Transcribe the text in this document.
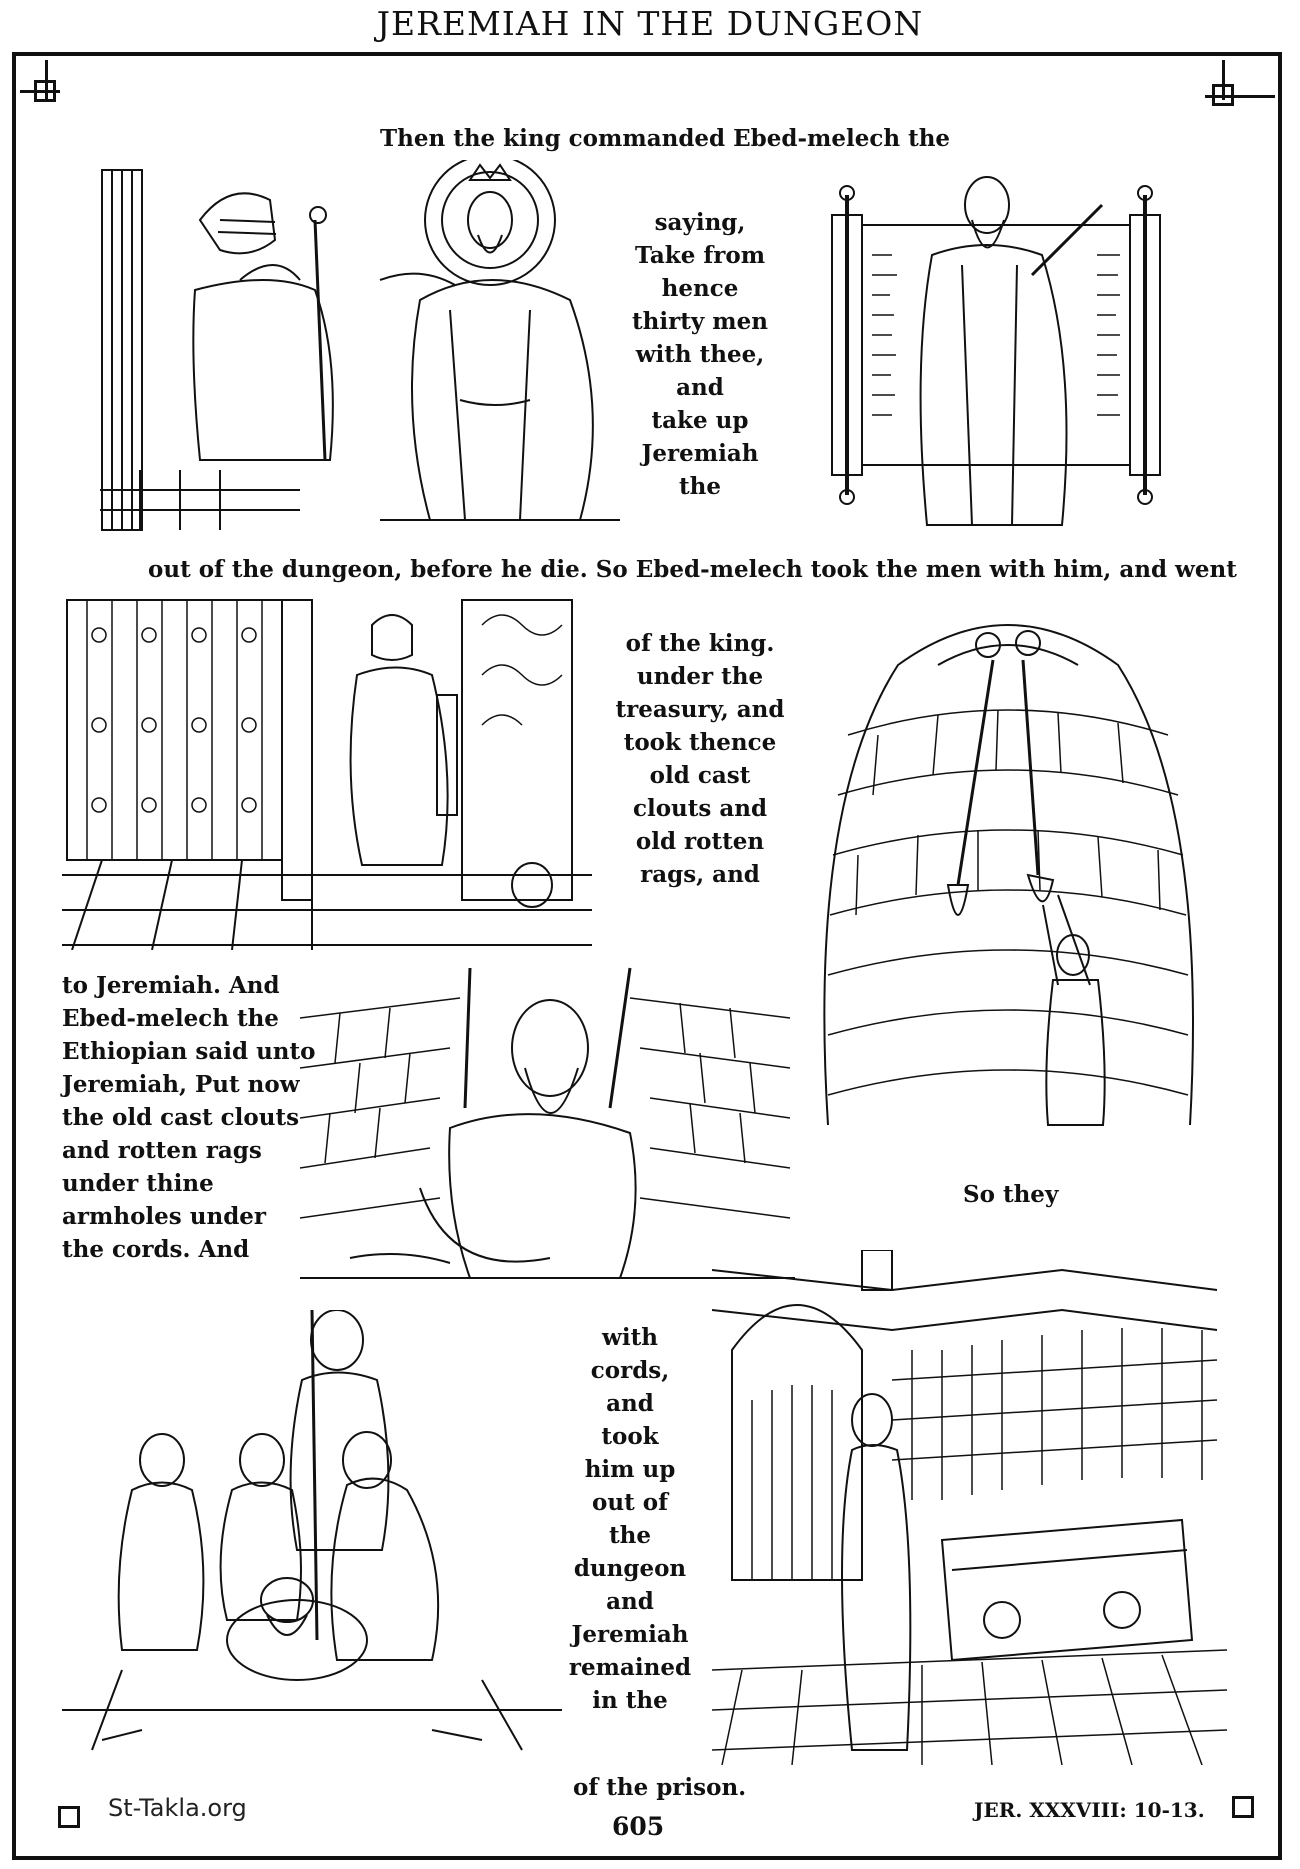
JEREMIAH IN THE DUNGEON
Then the king commanded Ebed-melech the
saying,
Take from
hence
thirty men
with thee,
and
take up
Jeremiah
the
out of the dungeon, before he die. So Ebed-melech took the men with him, and went
of the king.
under the
treasury, and
took thence
old cast
clouts and
old rotten
rags, and
to Jeremiah. And
Ebed-melech the
Ethiopian said unto
Jeremiah, Put now
the old cast clouts
and rotten rags
under thine
armholes under
the cords. And
So they
with
cords,
and
took
him up
out of
the
dungeon
and
Jeremiah
remained
in the
of the prison.
St-Takla.org
605
JER. XXXVIII: 10-13.
